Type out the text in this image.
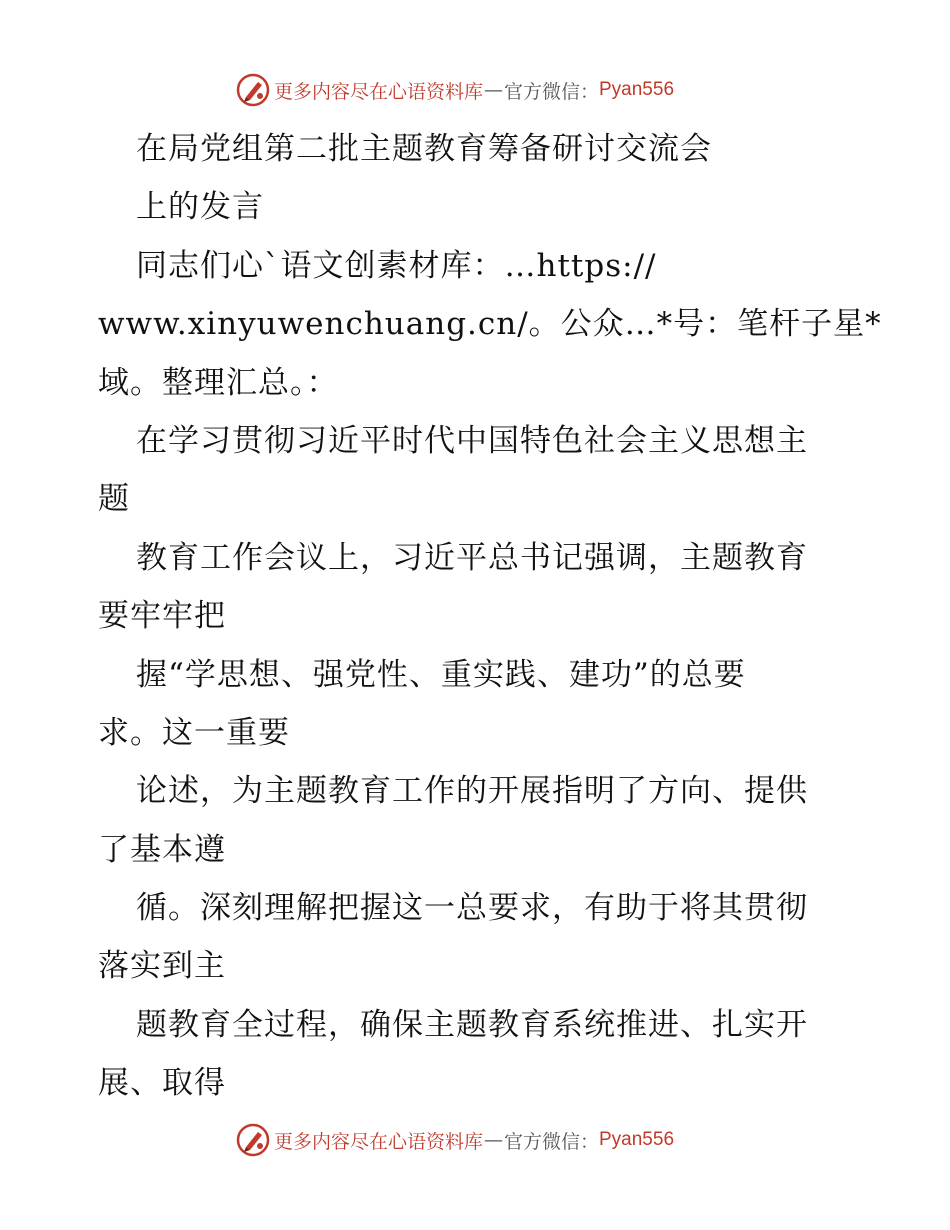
更多内容尽在心语资料库 — 官方微信： Pyan556
在局党组第二批主题教育筹备研讨交流会
上的发言
同志们心`语文创素材库：…https://
www.xinyuwenchuang.cn/。公众…*号：笔杆子星*
域。整理汇总。：
在学习贯彻习近平时代中国特色社会主义思想主
题
教育工作会议上，习近平总书记强调，主题教育
要牢牢把
握“学思想、强党性、重实践、建功”的总要
求。这一重要
论述，为主题教育工作的开展指明了方向、提供
了基本遵
循。深刻理解把握这一总要求，有助于将其贯彻
落实到主
题教育全过程，确保主题教育系统推进、扎实开
展、取得
更多内容尽在心语资料库 — 官方微信： Pyan556
